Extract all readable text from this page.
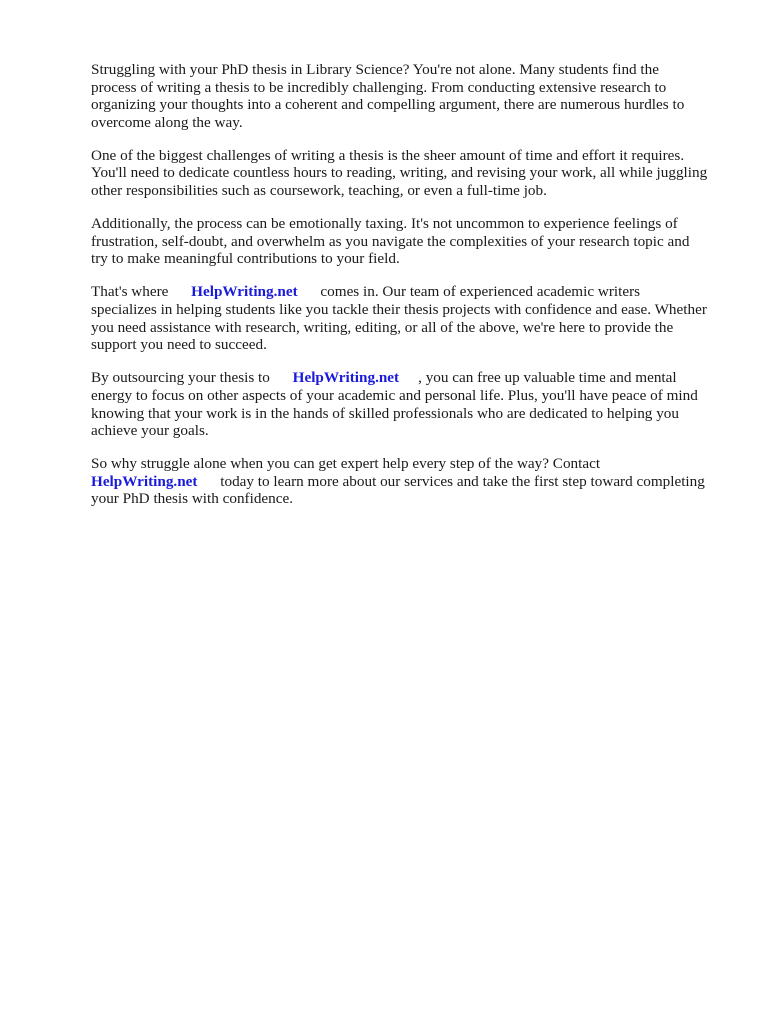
Struggling with your PhD thesis in Library Science? You're not alone. Many students find the
process of writing a thesis to be incredibly challenging. From conducting extensive research to
organizing your thoughts into a coherent and compelling argument, there are numerous hurdles to
overcome along the way.

One of the biggest challenges of writing a thesis is the sheer amount of time and effort it requires.
You'll need to dedicate countless hours to reading, writing, and revising your work, all while juggling
other responsibilities such as coursework, teaching, or even a full-time job.

Additionally, the process can be emotionally taxing. It's not uncommon to experience feelings of
frustration, self-doubt, and overwhelm as you navigate the complexities of your research topic and
try to make meaningful contributions to your field.

That's where      HelpWriting.net      comes in. Our team of experienced academic writers
specializes in helping students like you tackle their thesis projects with confidence and ease. Whether
you need assistance with research, writing, editing, or all of the above, we're here to provide the
support you need to succeed.

By outsourcing your thesis to      HelpWriting.net     , you can free up valuable time and mental
energy to focus on other aspects of your academic and personal life. Plus, you'll have peace of mind
knowing that your work is in the hands of skilled professionals who are dedicated to helping you
achieve your goals.

So why struggle alone when you can get expert help every step of the way? Contact
HelpWriting.net      today to learn more about our services and take the first step toward completing
your PhD thesis with confidence.
